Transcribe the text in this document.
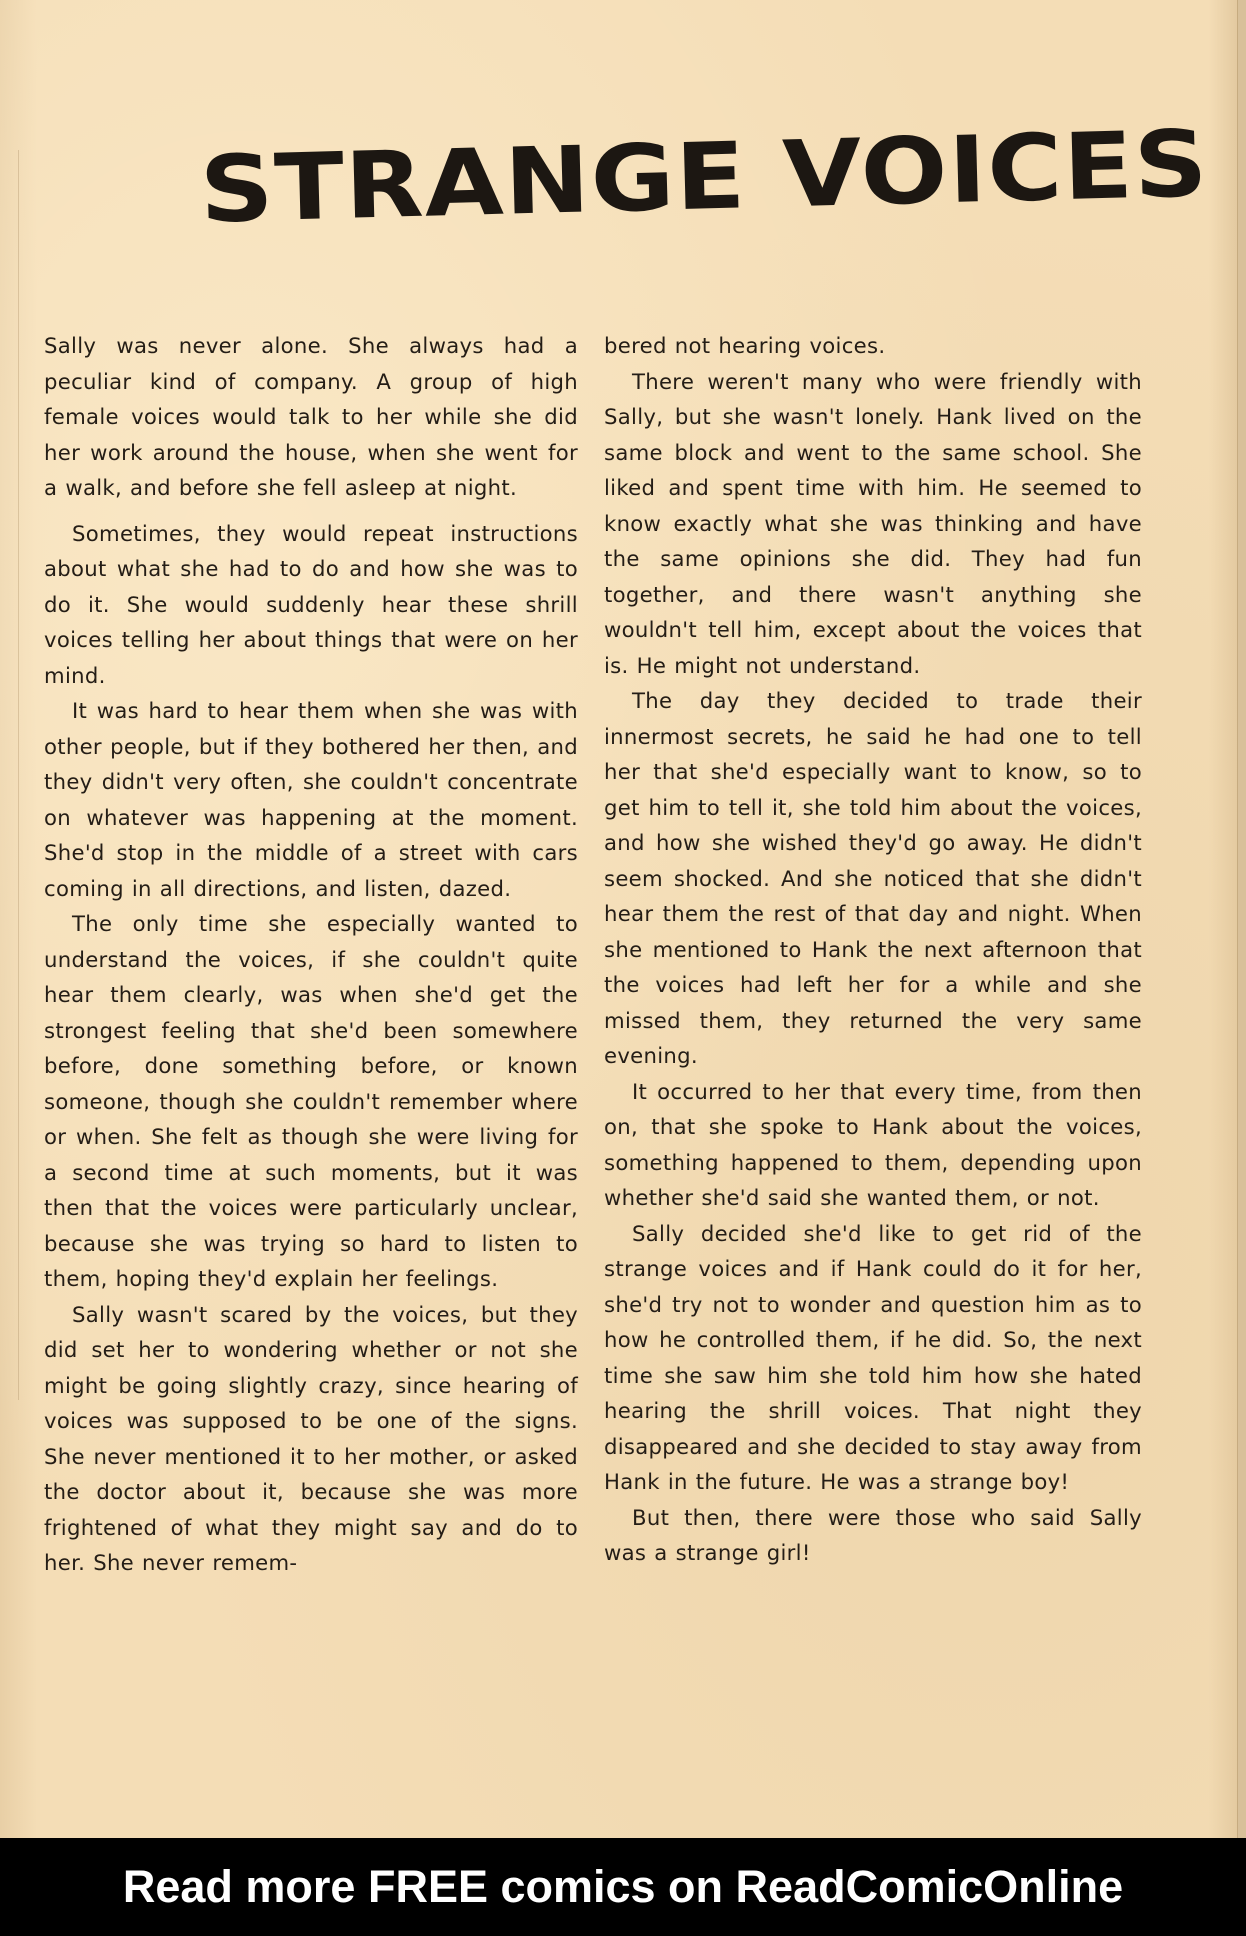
STRANGE VOICES

Sally was never alone. She always had a peculiar kind of company. A group of high female voices would talk to her while she did her work around the house, when she went for a walk, and before she fell asleep at night.

Sometimes, they would repeat instructions about what she had to do and how she was to do it. She would suddenly hear these shrill voices telling her about things that were on her mind.

It was hard to hear them when she was with other people, but if they bothered her then, and they didn't very often, she couldn't concentrate on whatever was happening at the moment. She'd stop in the middle of a street with cars coming in all directions, and listen, dazed.

The only time she especially wanted to understand the voices, if she couldn't quite hear them clearly, was when she'd get the strongest feeling that she'd been somewhere before, done something before, or known someone, though she couldn't remember where or when. She felt as though she were living for a second time at such moments, but it was then that the voices were particularly unclear, because she was trying so hard to listen to them, hoping they'd explain her feelings.

Sally wasn't scared by the voices, but they did set her to wondering whether or not she might be going slightly crazy, since hearing of voices was supposed to be one of the signs. She never mentioned it to her mother, or asked the doctor about it, because she was more frightened of what they might say and do to her. She never remem-

bered not hearing voices.

There weren't many who were friendly with Sally, but she wasn't lonely. Hank lived on the same block and went to the same school. She liked and spent time with him. He seemed to know exactly what she was thinking and have the same opinions she did. They had fun together, and there wasn't anything she wouldn't tell him, except about the voices that is. He might not understand.

The day they decided to trade their innermost secrets, he said he had one to tell her that she'd especially want to know, so to get him to tell it, she told him about the voices, and how she wished they'd go away. He didn't seem shocked. And she noticed that she didn't hear them the rest of that day and night. When she mentioned to Hank the next afternoon that the voices had left her for a while and she missed them, they returned the very same evening.

It occurred to her that every time, from then on, that she spoke to Hank about the voices, something happened to them, depending upon whether she'd said she wanted them, or not.

Sally decided she'd like to get rid of the strange voices and if Hank could do it for her, she'd try not to wonder and question him as to how he controlled them, if he did. So, the next time she saw him she told him how she hated hearing the shrill voices. That night they disappeared and she decided to stay away from Hank in the future. He was a strange boy!

But then, there were those who said Sally was a strange girl!

Read more FREE comics on ReadComicOnline
